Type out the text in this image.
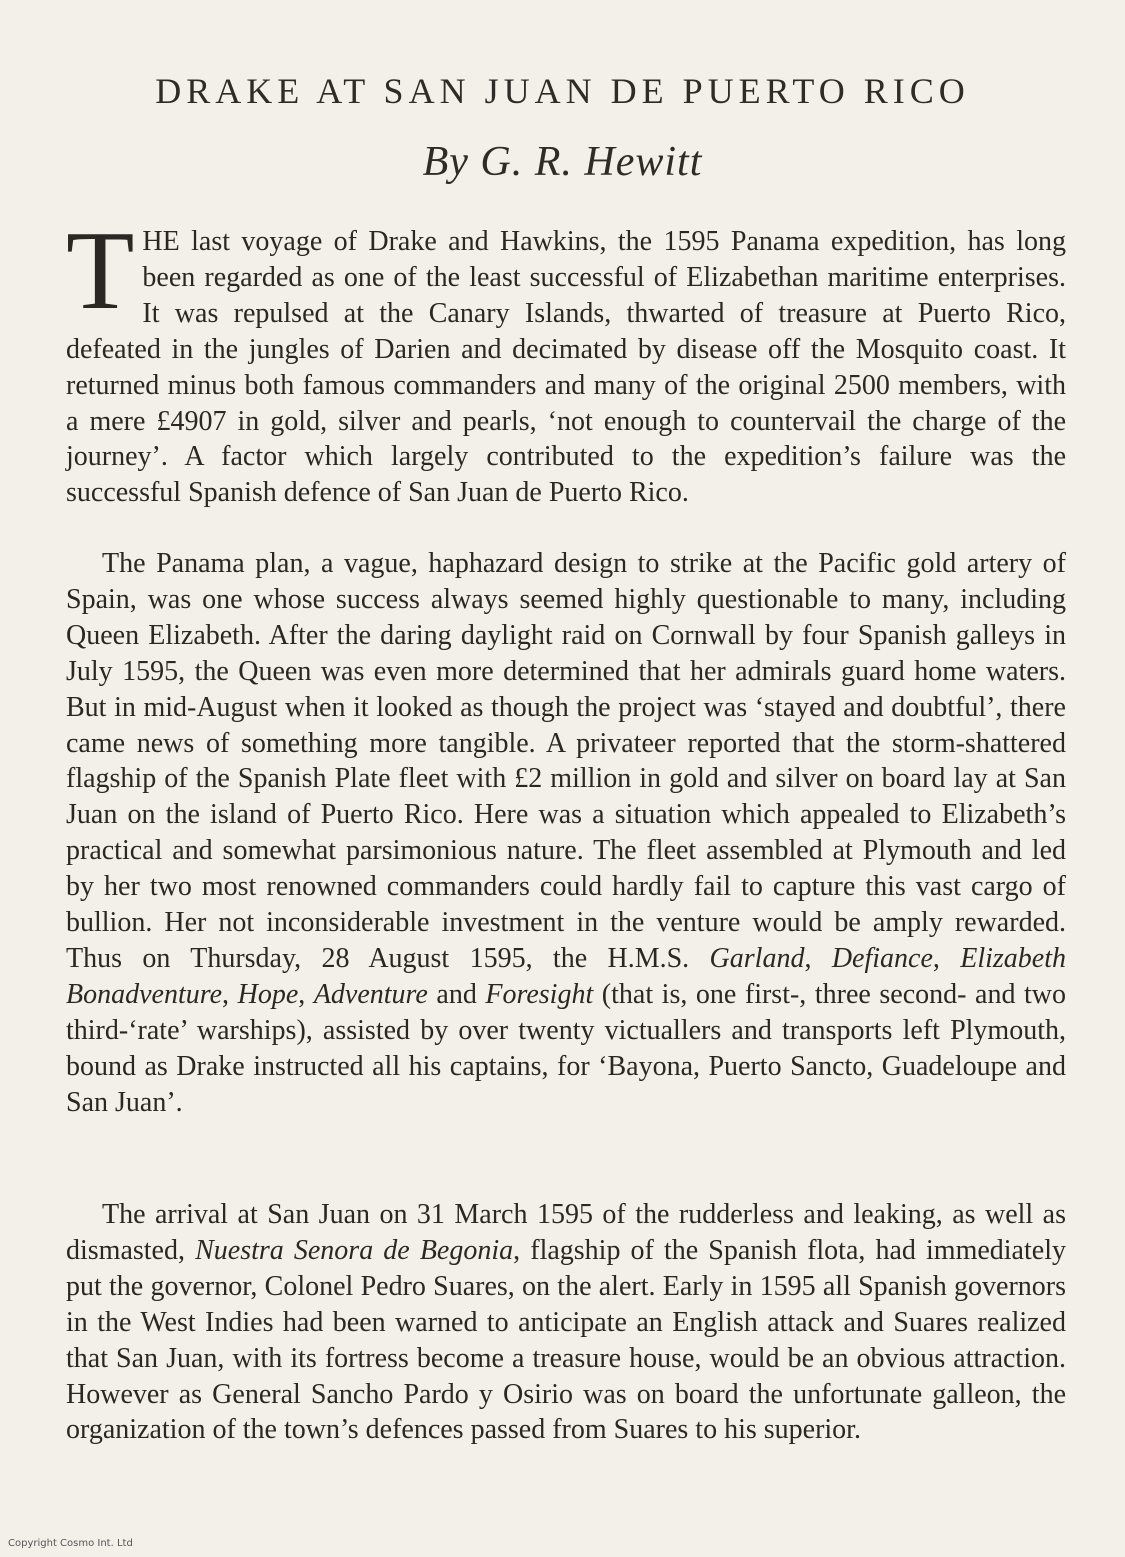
DRAKE AT SAN JUAN DE PUERTO RICO
By G. R. Hewitt

THE last voyage of Drake and Hawkins, the 1595 Panama expedition, has long been regarded as one of the least successful of Elizabethan maritime enterprises. It was repulsed at the Canary Islands, thwarted of treasure at Puerto Rico, defeated in the jungles of Darien and decimated by disease off the Mosquito coast. It returned minus both famous commanders and many of the original 2500 members, with a mere £4907 in gold, silver and pearls, ‘not enough to countervail the charge of the journey’. A factor which largely contributed to the expedition’s failure was the successful Spanish defence of San Juan de Puerto Rico.

The Panama plan, a vague, haphazard design to strike at the Pacific gold artery of Spain, was one whose success always seemed highly questionable to many, including Queen Elizabeth. After the daring daylight raid on Cornwall by four Spanish galleys in July 1595, the Queen was even more determined that her admirals guard home waters. But in mid-August when it looked as though the project was ‘stayed and doubtful’, there came news of something more tangible. A privateer reported that the storm-shattered flagship of the Spanish Plate fleet with £2 million in gold and silver on board lay at San Juan on the island of Puerto Rico. Here was a situation which appealed to Elizabeth’s practical and somewhat parsimonious nature. The fleet assembled at Plymouth and led by her two most renowned commanders could hardly fail to capture this vast cargo of bullion. Her not inconsiderable investment in the venture would be amply rewarded. Thus on Thursday, 28 August 1595, the H.M.S. Garland, Defiance, Elizabeth Bonadventure, Hope, Adventure and Foresight (that is, one first-, three second- and two third-‘rate’ warships), assisted by over twenty victuallers and transports left Plymouth, bound as Drake instructed all his captains, for ‘Bayona, Puerto Sancto, Guadeloupe and San Juan’.

The arrival at San Juan on 31 March 1595 of the rudderless and leaking, as well as dismasted, Nuestra Senora de Begonia, flagship of the Spanish flota, had immediately put the governor, Colonel Pedro Suares, on the alert. Early in 1595 all Spanish governors in the West Indies had been warned to anticipate an English attack and Suares realized that San Juan, with its fortress become a treasure house, would be an obvious attraction. However as General Sancho Pardo y Osirio was on board the unfortunate galleon, the organization of the town’s defences passed from Suares to his superior.

Copyright Cosmo Int. Ltd
